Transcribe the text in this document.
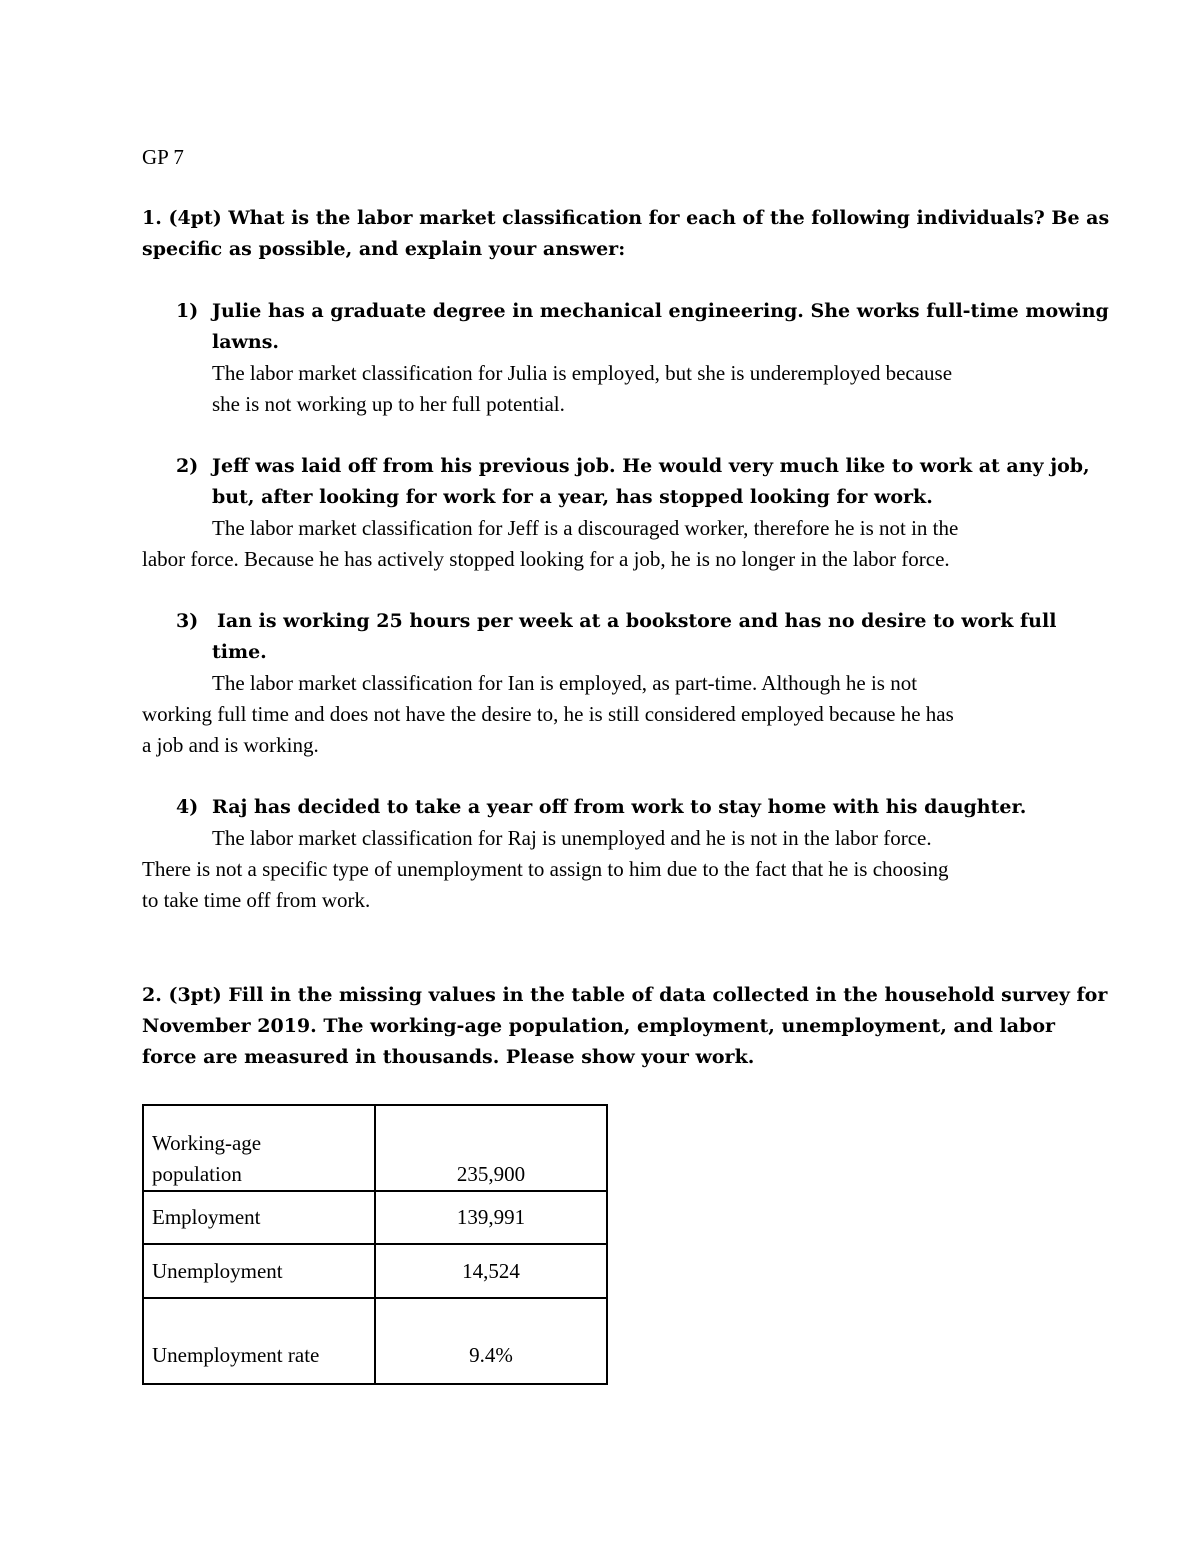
GP 7
1. (4pt) What is the labor market classification for each of the following individuals? Be as
specific as possible, and explain your answer:
1) Julie has a graduate degree in mechanical engineering. She works full-time mowing
lawns.
The labor market classification for Julia is employed, but she is underemployed because
she is not working up to her full potential.
2) Jeff was laid off from his previous job. He would very much like to work at any job,
but, after looking for work for a year, has stopped looking for work.
The labor market classification for Jeff is a discouraged worker, therefore he is not in the
labor force. Because he has actively stopped looking for a job, he is no longer in the labor force.
3) Ian is working 25 hours per week at a bookstore and has no desire to work full
time.
The labor market classification for Ian is employed, as part-time. Although he is not
working full time and does not have the desire to, he is still considered employed because he has
a job and is working.
4) Raj has decided to take a year off from work to stay home with his daughter.
The labor market classification for Raj is unemployed and he is not in the labor force.
There is not a specific type of unemployment to assign to him due to the fact that he is choosing
to take time off from work.
2. (3pt) Fill in the missing values in the table of data collected in the household survey for
November 2019. The working-age population, employment, unemployment, and labor
force are measured in thousands. Please show your work.
Working-age
population	235,900
Employment	139,991
Unemployment	14,524
Unemployment rate	9.4%
